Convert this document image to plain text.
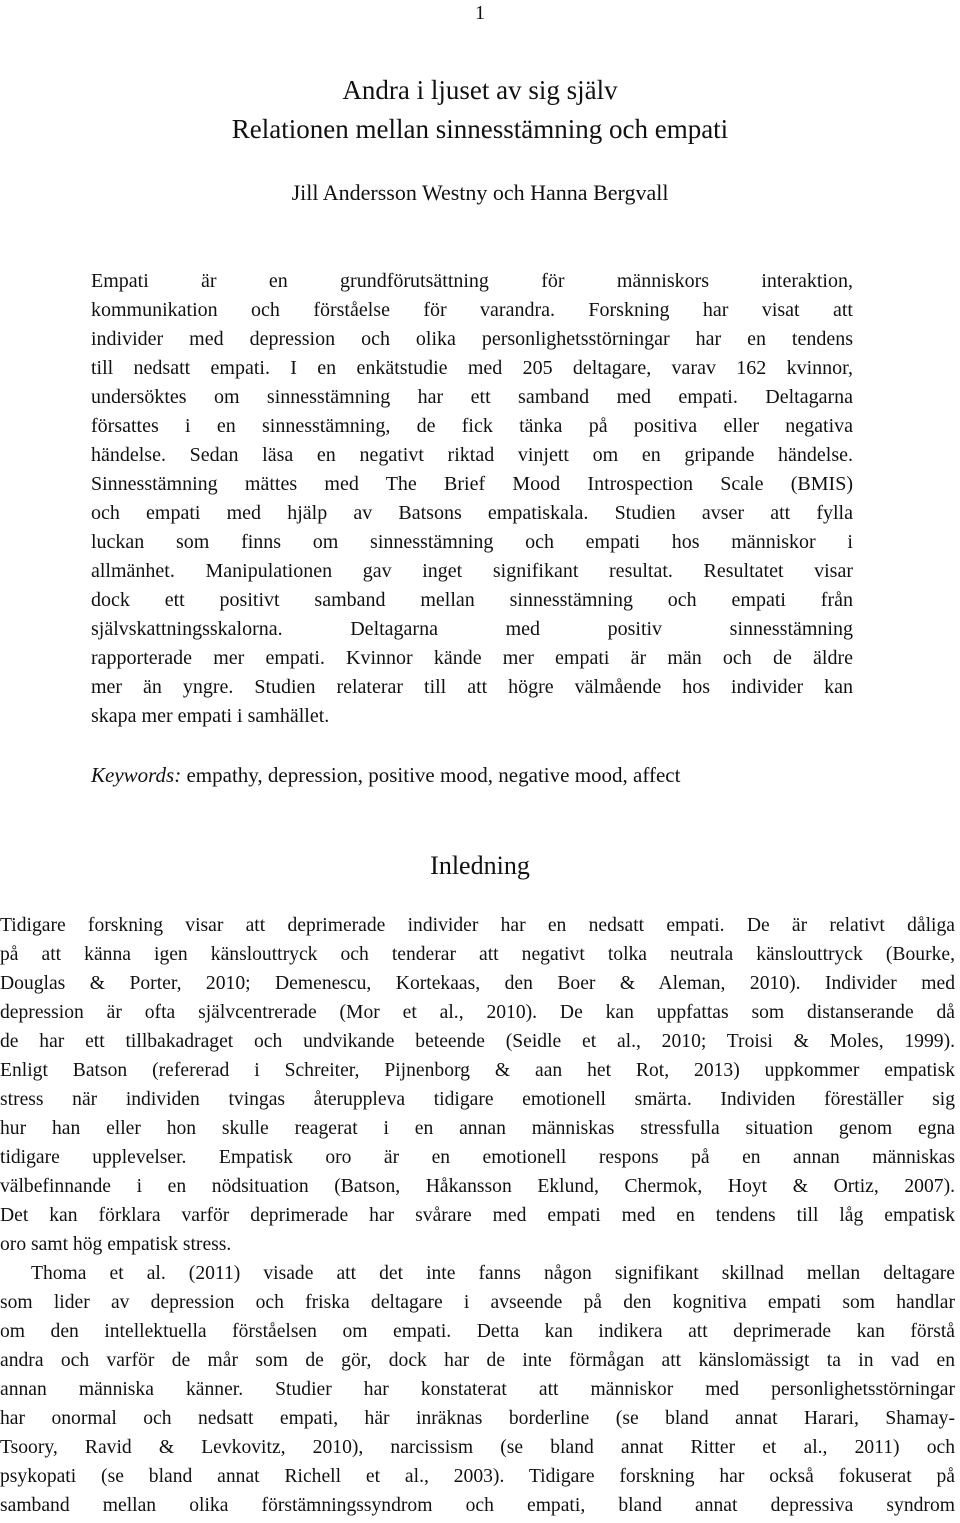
1
Andra i ljuset av sig själv
Relationen mellan sinnesstämning och empati
Jill Andersson Westny och Hanna Bergvall
Empati är en grundförutsättning för människors interaktion,
kommunikation och förståelse för varandra. Forskning har visat att
individer med depression och olika personlighetsstörningar har en tendens
till nedsatt empati. I en enkätstudie med 205 deltagare, varav 162 kvinnor,
undersöktes om sinnesstämning har ett samband med empati. Deltagarna
försattes i en sinnesstämning, de fick tänka på positiva eller negativa
händelse. Sedan läsa en negativt riktad vinjett om en gripande händelse.
Sinnesstämning mättes med The Brief Mood Introspection Scale (BMIS)
och empati med hjälp av Batsons empatiskala. Studien avser att fylla
luckan som finns om sinnesstämning och empati hos människor i
allmänhet. Manipulationen gav inget signifikant resultat. Resultatet visar
dock ett positivt samband mellan sinnesstämning och empati från
självskattningsskalorna. Deltagarna med positiv sinnesstämning
rapporterade mer empati. Kvinnor kände mer empati är män och de äldre
mer än yngre. Studien relaterar till att högre välmående hos individer kan
skapa mer empati i samhället.
Keywords: empathy, depression, positive mood, negative mood, affect
Inledning
Tidigare forskning visar att deprimerade individer har en nedsatt empati. De är relativt dåliga
på att känna igen känslouttryck och tenderar att negativt tolka neutrala känslouttryck (Bourke,
Douglas & Porter, 2010; Demenescu, Kortekaas, den Boer & Aleman, 2010). Individer med
depression är ofta självcentrerade (Mor et al., 2010). De kan uppfattas som distanserande då
de har ett tillbakadraget och undvikande beteende (Seidle et al., 2010; Troisi & Moles, 1999).
Enligt Batson (refererad i Schreiter, Pijnenborg & aan het Rot, 2013) uppkommer empatisk
stress när individen tvingas återuppleva tidigare emotionell smärta. Individen föreställer sig
hur han eller hon skulle reagerat i en annan människas stressfulla situation genom egna
tidigare upplevelser. Empatisk oro är en emotionell respons på en annan människas
välbefinnande i en nödsituation (Batson, Håkansson Eklund, Chermok, Hoyt & Ortiz, 2007).
Det kan förklara varför deprimerade har svårare med empati med en tendens till låg empatisk
oro samt hög empatisk stress.
Thoma et al. (2011) visade att det inte fanns någon signifikant skillnad mellan deltagare
som lider av depression och friska deltagare i avseende på den kognitiva empati som handlar
om den intellektuella förståelsen om empati. Detta kan indikera att deprimerade kan förstå
andra och varför de mår som de gör, dock har de inte förmågan att känslomässigt ta in vad en
annan människa känner. Studier har konstaterat att människor med personlighetsstörningar
har onormal och nedsatt empati, här inräknas borderline (se bland annat Harari, Shamay-
Tsoory, Ravid & Levkovitz, 2010), narcissism (se bland annat Ritter et al., 2011) och
psykopati (se bland annat Richell et al., 2003). Tidigare forskning har också fokuserat på
samband mellan olika förstämningssyndrom och empati, bland annat depressiva syndrom
